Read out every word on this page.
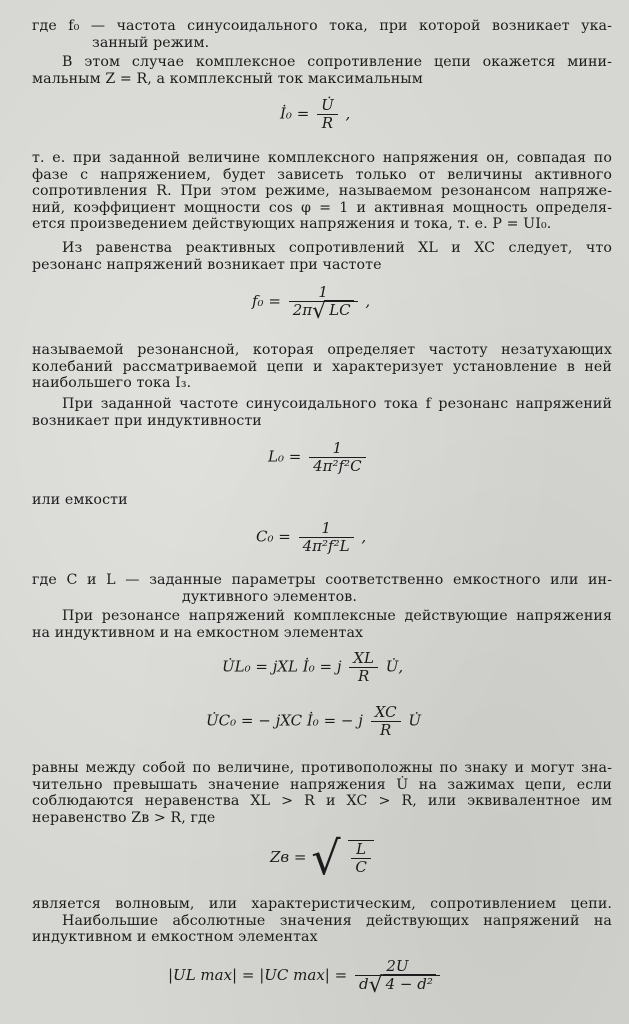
где f₀ — частота синусоидального тока, при которой возникает ука-
занный режим.
В этом случае комплексное сопротивление цепи окажется мини-
мальным Z = R, а комплексный ток максимальным
İ₀ = $\frac{U̇}{R}$ ,
т. е. при заданной величине комплексного напряжения он, совпадая по
фазе с напряжением, будет зависеть только от величины активного
сопротивления R. При этом режиме, называемом резонансом напряже-
ний, коэффициент мощности cos φ = 1 и активная мощность определя-
ется произведением действующих напряжения и тока, т. е. P = UI₀.
Из равенства реактивных сопротивлений XL и XC следует, что
резонанс напряжений возникает при частоте
$f_0 = \frac{1}{2\pi√ LC}$ ,
называемой резонансной, которая определяет частоту незатухающих
колебаний рассматриваемой цепи и характеризует установление в ней
наибольшего тока I₃.
При заданной частоте синусоидального тока f резонанс напряжений
возникает при индуктивности
$L_0 = \frac{1}{\text{4π²f²C}}$
или емкости
$C_0 = \frac{1}{\text{4π²f²L}}$ ,
где C и L — заданные параметры соответственно емкостного или ин-
дуктивного элементов.
При резонансе напряжений комплексные действующие напряжения
на индуктивном и на емкостном элементах
U̇L₀ = jXL İ₀ = j $\frac{XL}{R}$ U̇,
U̇C₀ = − jXC İ₀ = − j $\frac{XC}{R}$ U̇
равны между собой по величине, противоположны по знаку и могут зна-
чительно превышать значение напряжения U̇ на зажимах цепи, если
соблюдаются неравенства XL > R и XC > R, или эквивалентное им
неравенство Zв > R, где
Zв = √ $\frac{L}{C}$
является волновым, или характеристическим, сопротивлением цепи.
Наибольшие абсолютные значения действующих напряжений на
индуктивном и емкостном элементах
|UL max| = |UC $\max| = \frac{2U}{\text{d√ 4 − d²}}$
